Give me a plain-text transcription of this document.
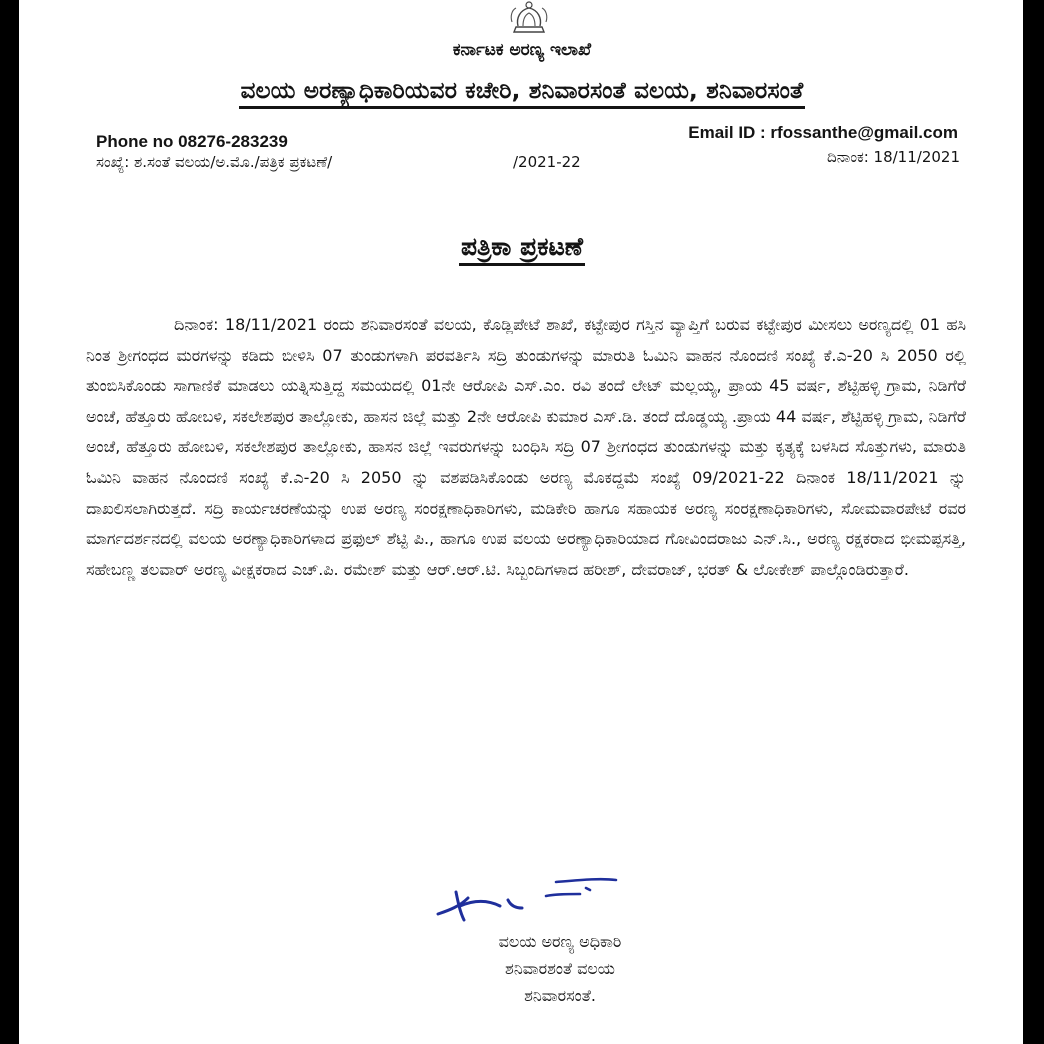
ಕರ್ನಾಟಕ ಅರಣ್ಯ ಇಲಾಖೆ
ವಲಯ ಅರಣ್ಯಾಧಿಕಾರಿಯವರ ಕಚೇರಿ, ಶನಿವಾರಸಂತೆ ವಲಯ, ಶನಿವಾರಸಂತೆ
Phone no 08276-283239	Email ID : rfossanthe@gmail.com
ಸಂಖ್ಯೆ: ಶ.ಸಂತೆ ವಲಯ/ಅ.ಮೊ./ಪತ್ರಿಕ ಪ್ರಕಟಣೆ/	/2021-22	ದಿನಾಂಕ: 18/11/2021
ಪತ್ರಿಕಾ ಪ್ರಕಟಣೆ
ದಿನಾಂಕ: 18/11/2021 ರಂದು ಶನಿವಾರಸಂತೆ ವಲಯ, ಕೊಡ್ಲಿಪೇಟೆ ಶಾಖೆ, ಕಟ್ಟೇಪುರ ಗಸ್ತಿನ ವ್ಯಾಪ್ತಿಗೆ ಬರುವ ಕಟ್ಟೇಪುರ ಮೀಸಲು ಅರಣ್ಯದಲ್ಲಿ 01 ಹಸಿ ನಿಂತ ಶ್ರೀಗಂಧದ ಮರಗಳನ್ನು ಕಡಿದು ಬೀಳಿಸಿ 07 ತುಂಡುಗಳಾಗಿ ಪರವರ್ತಿಸಿ ಸದ್ರಿ ತುಂಡುಗಳನ್ನು ಮಾರುತಿ ಓಮಿನಿ ವಾಹನ ನೊಂದಣಿ ಸಂಖ್ಯೆ ಕೆ.ಎ-20 ಸಿ 2050 ರಲ್ಲಿ ತುಂಬಿಸಿಕೊಂಡು ಸಾಗಾಣಿಕೆ ಮಾಡಲು ಯತ್ನಿಸುತ್ತಿದ್ದ ಸಮಯದಲ್ಲಿ 01ನೇ ಆರೋಪಿ ಎಸ್.ಎಂ. ರವಿ ತಂದೆ ಲೇಟ್ ಮಲ್ಲಯ್ಯ, ಪ್ರಾಯ 45 ವರ್ಷ, ಶೆಟ್ಟಿಹಳ್ಳಿ ಗ್ರಾಮ, ನಿಡಿಗೆರೆ ಅಂಚೆ, ಹೆತ್ತೂರು ಹೋಬಳಿ, ಸಕಲೇಶಪುರ ತಾಲ್ಲೋಕು, ಹಾಸನ ಜಿಲ್ಲೆ ಮತ್ತು 2ನೇ ಆರೋಪಿ ಕುಮಾರ ಎಸ್.ಡಿ. ತಂದೆ ದೊಡ್ಡಯ್ಯ .ಪ್ರಾಯ 44 ವರ್ಷ, ಶೆಟ್ಟಿಹಳ್ಳಿ ಗ್ರಾಮ, ನಿಡಿಗೆರೆ ಅಂಚೆ, ಹೆತ್ತೂರು ಹೋಬಳಿ, ಸಕಲೇಶಪುರ ತಾಲ್ಲೋಕು, ಹಾಸನ ಜಿಲ್ಲೆ ಇವರುಗಳನ್ನು ಬಂಧಿಸಿ ಸದ್ರಿ 07 ಶ್ರೀಗಂಧದ ತುಂಡುಗಳನ್ನು ಮತ್ತು ಕೃತ್ಯಕ್ಕೆ ಬಳಸಿದ ಸೊತ್ತುಗಳು, ಮಾರುತಿ ಓಮಿನಿ ವಾಹನ ನೊಂದಣಿ ಸಂಖ್ಯೆ ಕೆ.ಎ-20 ಸಿ 2050 ನ್ನು ವಶಪಡಿಸಿಕೊಂಡು ಅರಣ್ಯ ಮೊಕದ್ದಮೆ ಸಂಖ್ಯೆ 09/2021-22 ದಿನಾಂಕ 18/11/2021 ನ್ನು ದಾಖಲಿಸಲಾಗಿರುತ್ತದೆ. ಸದ್ರಿ ಕಾರ್ಯಚರಣೆಯನ್ನು ಉಪ ಅರಣ್ಯ ಸಂರಕ್ಷಣಾಧಿಕಾರಿಗಳು, ಮಡಿಕೇರಿ ಹಾಗೂ ಸಹಾಯಕ ಅರಣ್ಯ ಸಂರಕ್ಷಣಾಧಿಕಾರಿಗಳು, ಸೋಮವಾರಪೇಟೆ ರವರ ಮಾರ್ಗದರ್ಶನದಲ್ಲಿ ವಲಯ ಅರಣ್ಯಾಧಿಕಾರಿಗಳಾದ ಪ್ರಫುಲ್ ಶೆಟ್ಟಿ ಪಿ., ಹಾಗೂ ಉಪ ವಲಯ ಅರಣ್ಯಾಧಿಕಾರಿಯಾದ ಗೋವಿಂದರಾಜು ಎನ್.ಸಿ., ಅರಣ್ಯ ರಕ್ಷಕರಾದ ಭೀಮಪ್ಪಸತ್ತಿ, ಸಹೇಬಣ್ಣ ತಲವಾರ್ ಅರಣ್ಯ ವೀಕ್ಷಕರಾದ ಎಚ್.ಪಿ. ರಮೇಶ್ ಮತ್ತು ಆರ್.ಆರ್.ಟಿ. ಸಿಬ್ಬಂದಿಗಳಾದ ಹರೀಶ್, ದೇವರಾಜ್, ಭರತ್ & ಲೋಕೇಶ್ ಪಾಲ್ಗೊಂಡಿರುತ್ತಾರೆ.
ವಲಯ ಅರಣ್ಯ ಅಧಿಕಾರಿ
ಶನಿವಾರಶಂತೆ ವಲಯ
ಶನಿವಾರಸಂತೆ.
